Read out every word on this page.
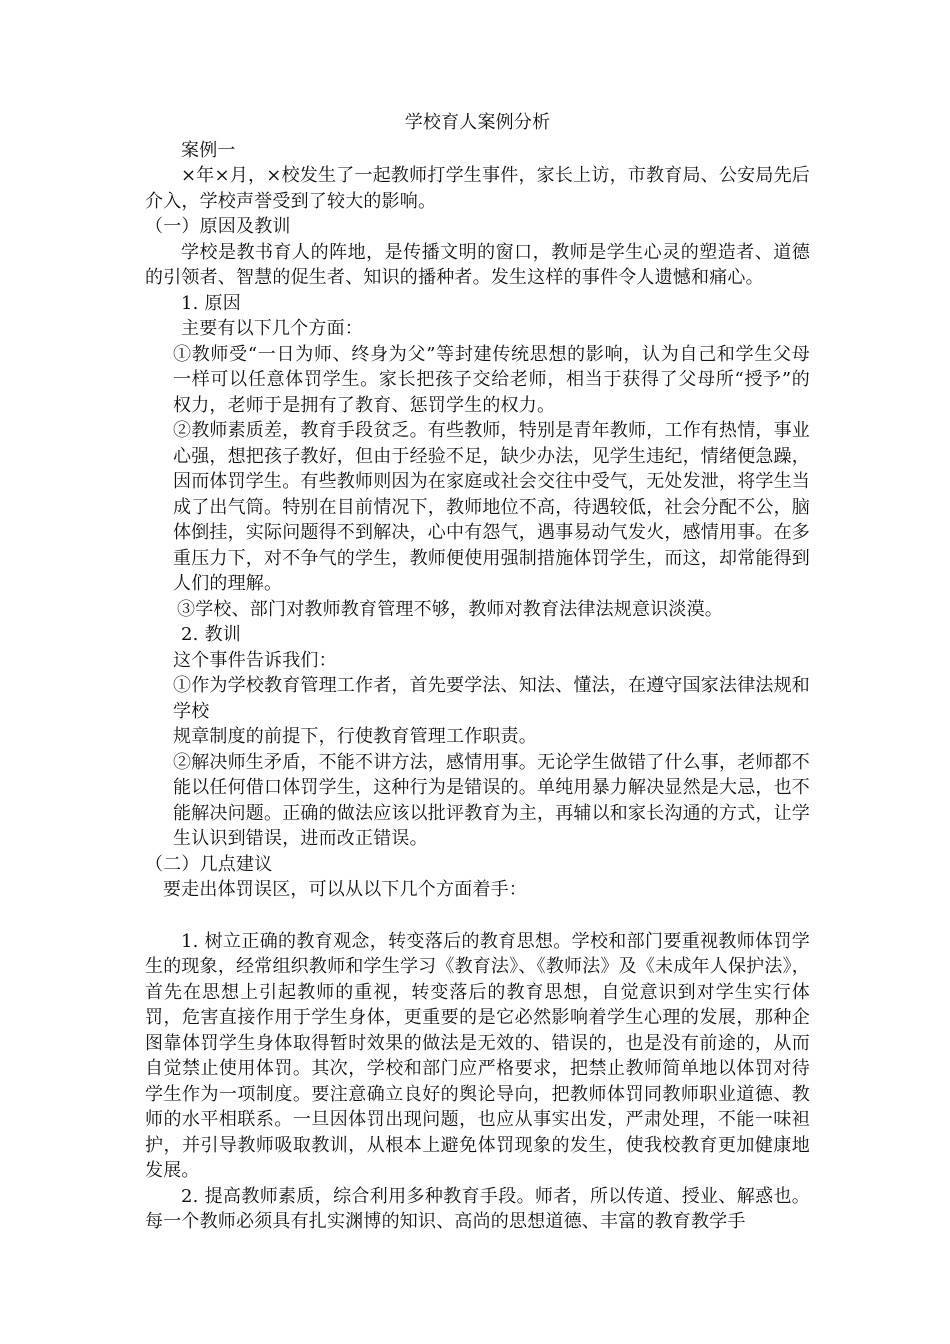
学校育人案例分析

案例一

×年×月，×校发生了一起教师打学生事件，家长上访，市教育局、公安局先后介入，学校声誉受到了较大的影响。

（一）原因及教训

学校是教书育人的阵地，是传播文明的窗口，教师是学生心灵的塑造者、道德的引领者、智慧的促生者、知识的播种者。发生这样的事件令人遗憾和痛心。

1. 原因

主要有以下几个方面：

①教师受“一日为师、终身为父”等封建传统思想的影响，认为自己和学生父母一样可以任意体罚学生。家长把孩子交给老师，相当于获得了父母所“授予”的权力，老师于是拥有了教育、惩罚学生的权力。

②教师素质差，教育手段贫乏。有些教师，特别是青年教师，工作有热情，事业心强，想把孩子教好，但由于经验不足，缺少办法，见学生违纪，情绪便急躁，因而体罚学生。有些教师则因为在家庭或社会交往中受气，无处发泄，将学生当成了出气筒。特别在目前情况下，教师地位不高，待遇较低，社会分配不公，脑体倒挂，实际问题得不到解决，心中有怨气，遇事易动气发火，感情用事。在多重压力下，对不争气的学生，教师便使用强制措施体罚学生，而这，却常能得到人们的理解。

③学校、部门对教师教育管理不够，教师对教育法律法规意识淡漠。

2. 教训

这个事件告诉我们：

①作为学校教育管理工作者，首先要学法、知法、懂法，在遵守国家法律法规和学校

规章制度的前提下，行使教育管理工作职责。

②解决师生矛盾，不能不讲方法，感情用事。无论学生做错了什么事，老师都不能以任何借口体罚学生，这种行为是错误的。单纯用暴力解决显然是大忌，也不能解决问题。正确的做法应该以批评教育为主，再辅以和家长沟通的方式，让学生认识到错误，进而改正错误。

（二）几点建议

要走出体罚误区，可以从以下几个方面着手：

1. 树立正确的教育观念，转变落后的教育思想。学校和部门要重视教师体罚学生的现象，经常组织教师和学生学习《教育法》、《教师法》及《未成年人保护法》，首先在思想上引起教师的重视，转变落后的教育思想，自觉意识到对学生实行体罚，危害直接作用于学生身体，更重要的是它必然影响着学生心理的发展，那种企图靠体罚学生身体取得暂时效果的做法是无效的、错误的，也是没有前途的，从而自觉禁止使用体罚。其次，学校和部门应严格要求，把禁止教师简单地以体罚对待学生作为一项制度。要注意确立良好的舆论导向，把教师体罚同教师职业道德、教师的水平相联系。一旦因体罚出现问题，也应从事实出发，严肃处理，不能一味袒护，并引导教师吸取教训，从根本上避免体罚现象的发生，使我校教育更加健康地发展。

2. 提高教师素质，综合利用多种教育手段。师者，所以传道、授业、解惑也。每一个教师必须具有扎实渊博的知识、高尚的思想道德、丰富的教育教学手
